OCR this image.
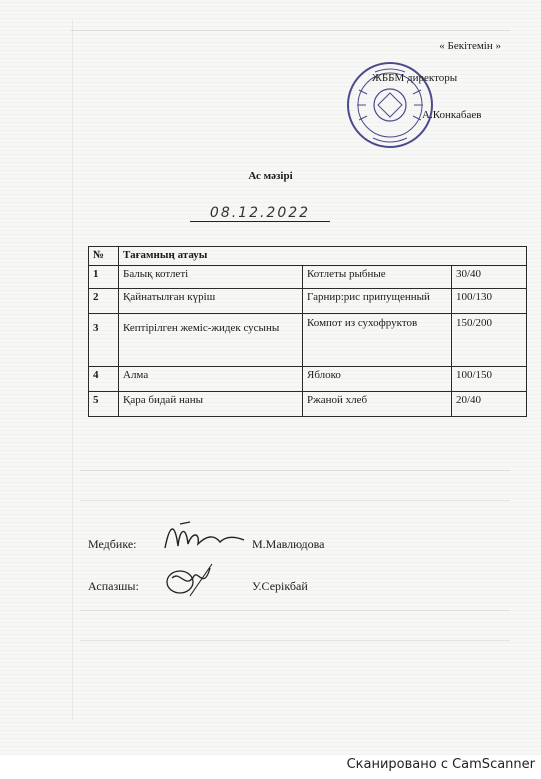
« Бекітемін »
ЖББМ директоры
А.Конкабаев
Ас мәзірі
08.12.2022
№	Тағамның атауы		
1	Балық котлеті	Котлеты рыбные	30/40
2	Қайнатылған күріш	Гарнир:рис припущенный	100/130
3	Кептірілген жеміс-жидек сусыны	Компот из сухофруктов	150/200
4	Алма	Яблоко	100/150
5	Қара бидай наны	Ржаной хлеб	20/40
Медбике:	М.Мавлюдова
Аспазшы:	У.Серікбай
Сканировано с CamScanner
